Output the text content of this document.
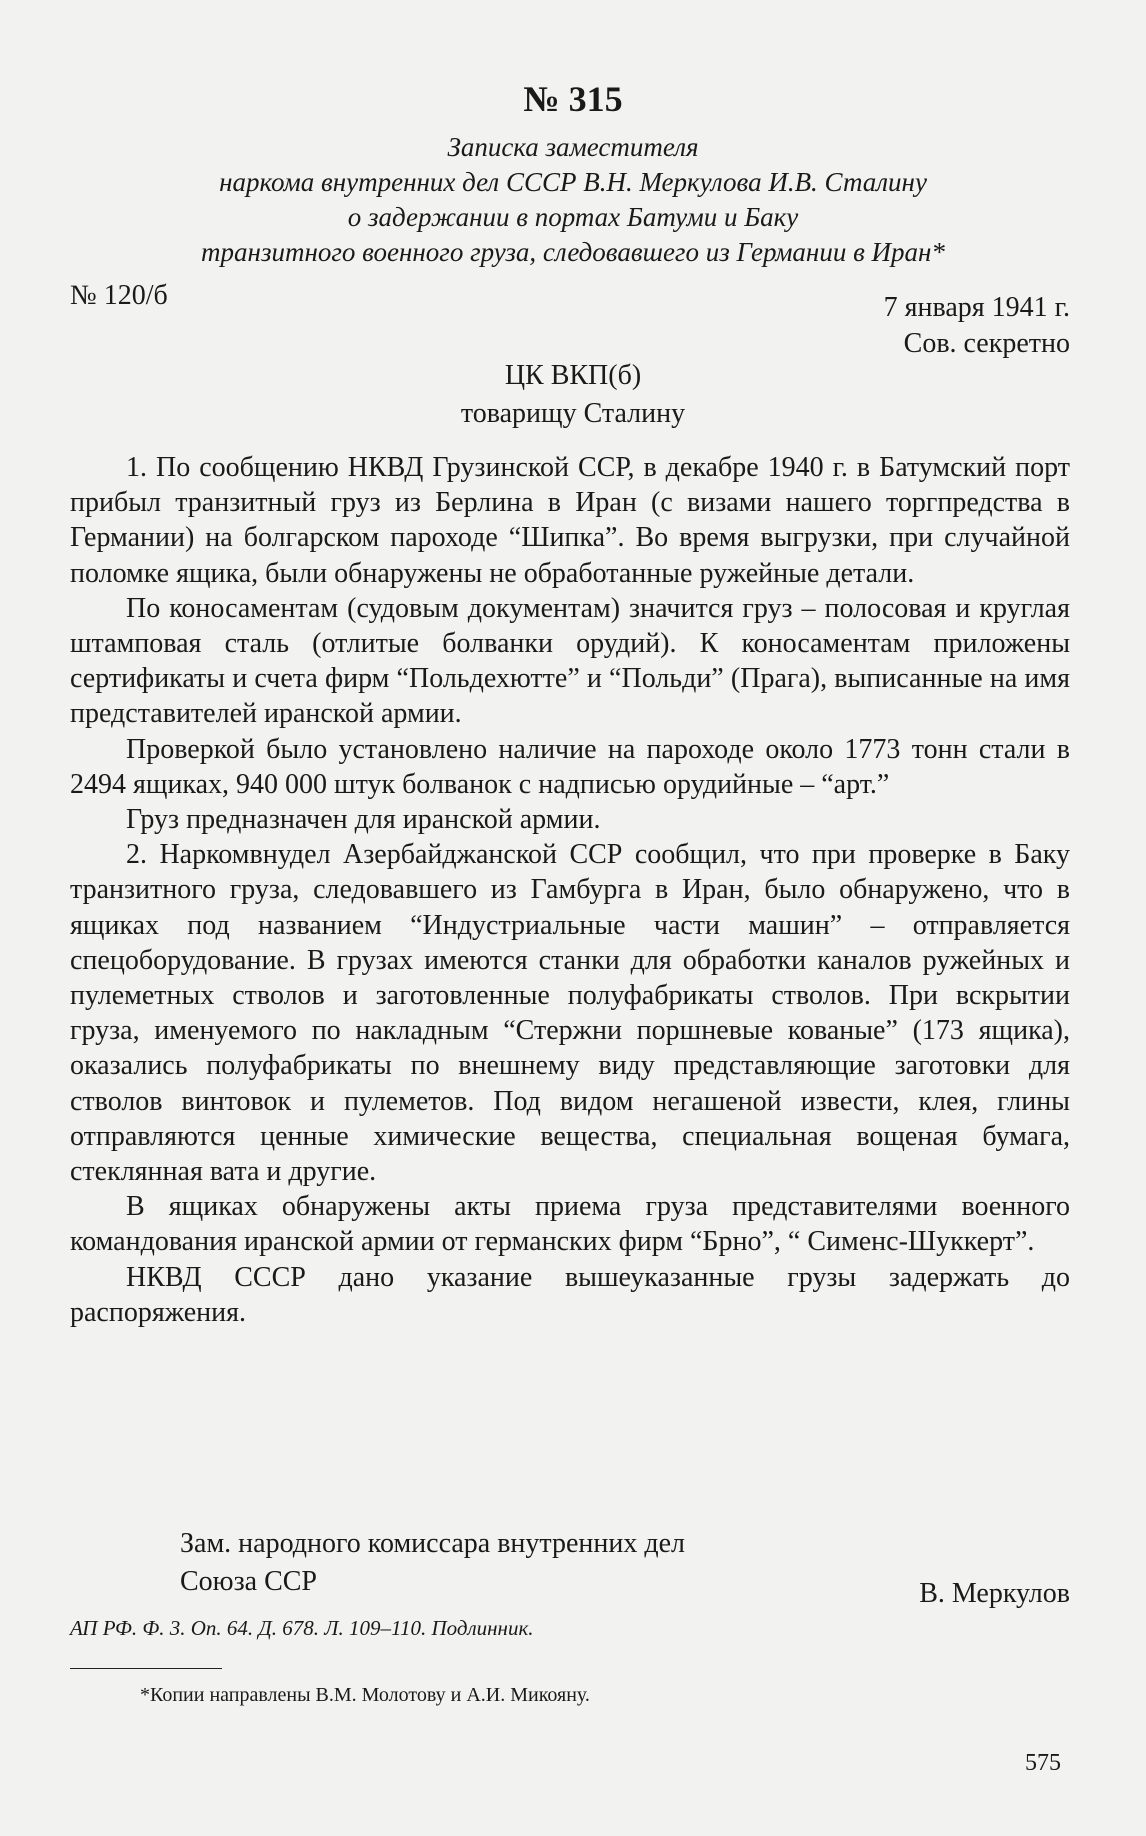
№ 315
Записка заместителя
наркома внутренних дел СССР В.Н. Меркулова И.В. Сталину
о задержании в портах Батуми и Баку
транзитного военного груза, следовавшего из Германии в Иран*
№ 120/б	7 января 1941 г.
Сов. секретно
ЦК ВКП(б)
товарищу Сталину

1. По сообщению НКВД Грузинской ССР, в декабре 1940 г. в Батумский порт прибыл транзитный груз из Берлина в Иран (с визами нашего торгпредства в Германии) на болгарском пароходе “Шипка”. Во время выгрузки, при случайной поломке ящика, были обнаружены не обработанные ружейные детали.

По коносаментам (судовым документам) значится груз – полосовая и круглая штамповая сталь (отлитые болванки орудий). К коносаментам приложены сертификаты и счета фирм “Польдехютте” и “Польди” (Прага), выписанные на имя представителей иранской армии.

Проверкой было установлено наличие на пароходе около 1773 тонн стали в 2494 ящиках, 940 000 штук болванок с надписью орудийные – “арт.”

Груз предназначен для иранской армии.

2. Наркомвнудел Азербайджанской ССР сообщил, что при проверке в Баку транзитного груза, следовавшего из Гамбурга в Иран, было обнаружено, что в ящиках под названием “Индустриальные части машин” – отправляется спецоборудование. В грузах имеются станки для обработки каналов ружейных и пулеметных стволов и заготовленные полуфабрикаты стволов. При вскрытии груза, именуемого по накладным “Стержни поршневые кованые” (173 ящика), оказались полуфабрикаты по внешнему виду представляющие заготовки для стволов винтовок и пулеметов. Под видом негашеной извести, клея, глины отправляются ценные химические вещества, специальная вощеная бумага, стеклянная вата и другие.

В ящиках обнаружены акты приема груза представителями военного командования иранской армии от германских фирм “Брно”, “ Сименс-Шуккерт”.

НКВД СССР дано указание вышеуказанные грузы задержать до распоряжения.

Зам. народного комиссара внутренних дел
Союза ССР	В. Меркулов
АП РФ. Ф. 3. Оп. 64. Д. 678. Л. 109–110. Подлинник.
*Копии направлены В.М. Молотову и А.И. Микояну.
575
